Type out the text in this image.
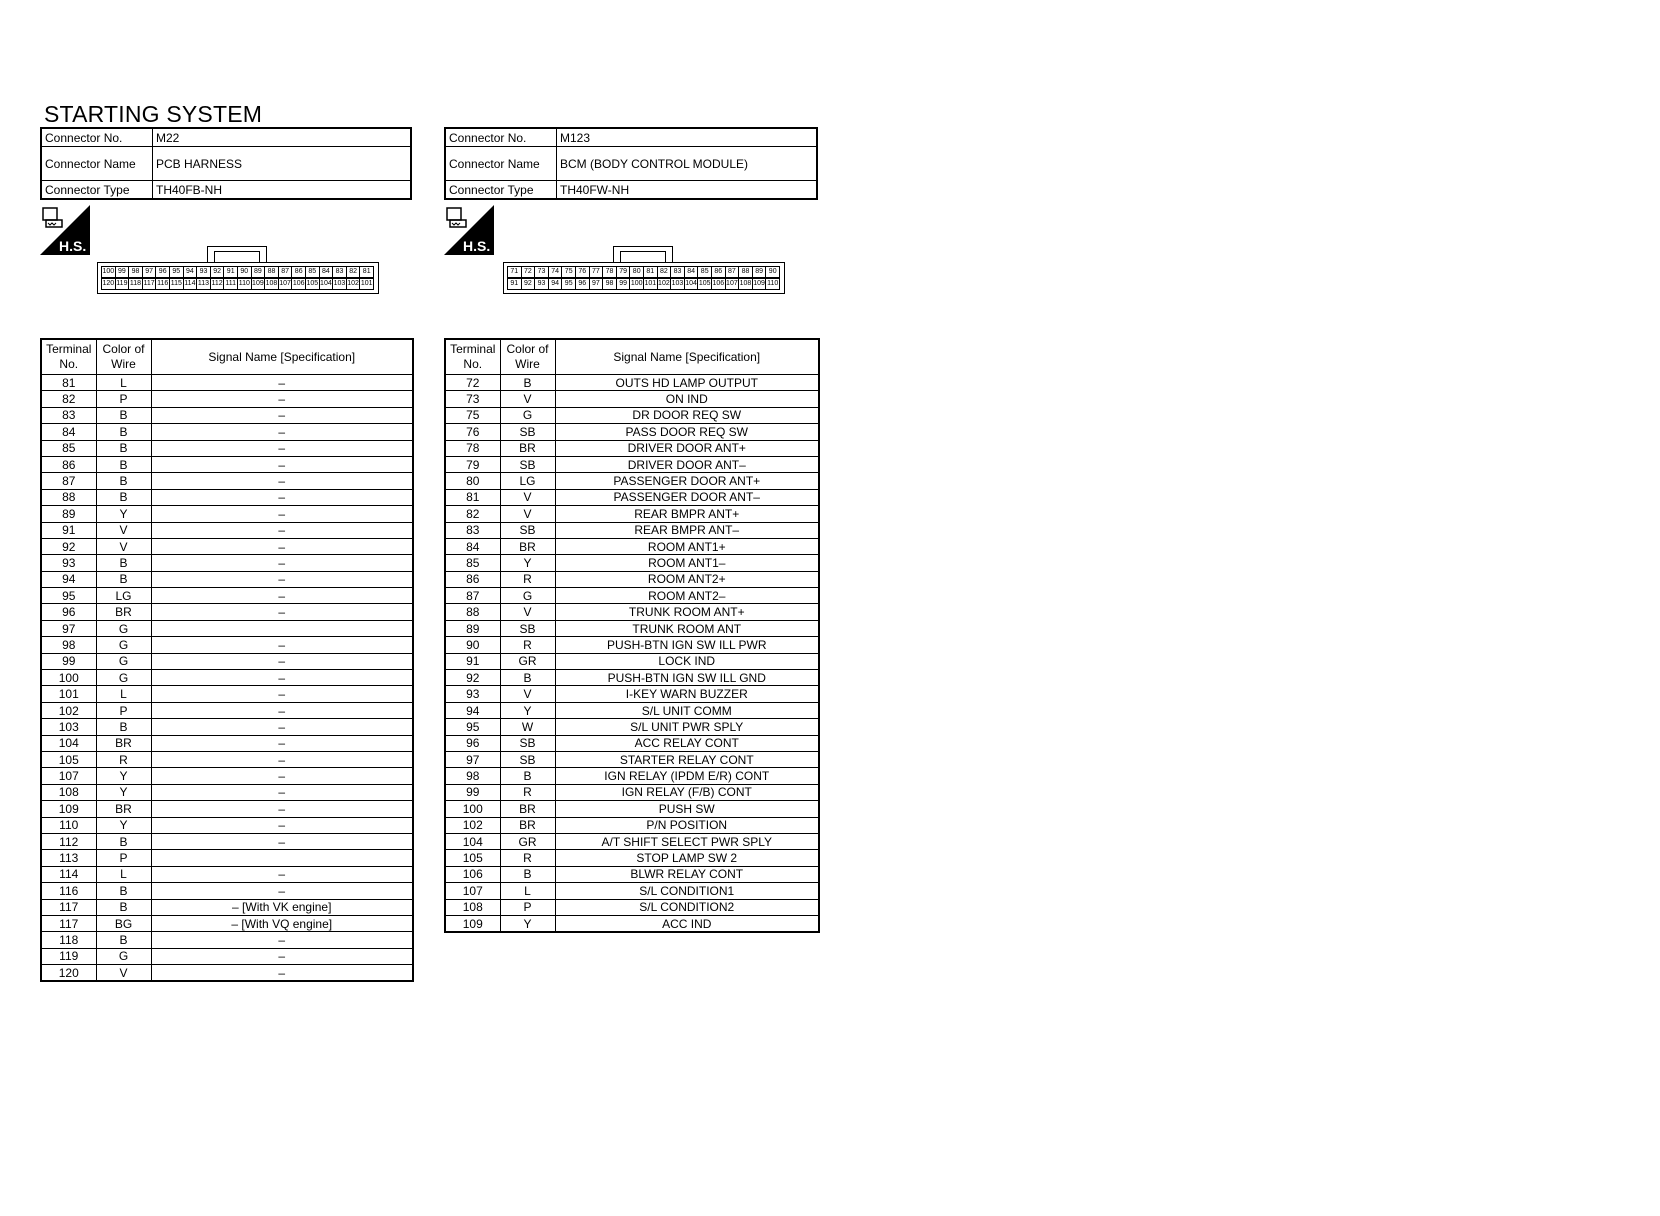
STARTING SYSTEM
Connector No.	M22
Connector Name	PCB HARNESS
Connector Type	TH40FB-NH
Connector No.	M123
Connector Name	BCM (BODY CONTROL MODULE)
Connector Type	TH40FW-NH
H.S.	H.S.
100 99 98 97 96 95 94 93 92 91 90 89 88 87 86 85 84 83 82 81
120 119 118 117 116 115 114 113 112 111 110 109 108 107 106 105 104 103 102 101
71 72 73 74 75 76 77 78 79 80 81 82 83 84 85 86 87 88 89 90
91 92 93 94 95 96 97 98 99 100 101 102 103 104 105 106 107 108 109 110
Terminal No.	Color of Wire	Signal Name [Specification]
81	L	–
82	P	–
83	B	–
84	B	–
85	B	–
86	B	–
87	B	–
88	B	–
89	Y	–
91	V	–
92	V	–
93	B	–
94	B	–
95	LG	–
96	BR	–
97	G	
98	G	–
99	G	–
100	G	–
101	L	–
102	P	–
103	B	–
104	BR	–
105	R	–
107	Y	–
108	Y	–
109	BR	–
110	Y	–
112	B	–
113	P	
114	L	–
116	B	–
117	B	– [With VK engine]
117	BG	– [With VQ engine]
118	B	–
119	G	–
120	V	–
Terminal No.	Color of Wire	Signal Name [Specification]
72	B	OUTS HD LAMP OUTPUT
73	V	ON IND
75	G	DR DOOR REQ SW
76	SB	PASS DOOR REQ SW
78	BR	DRIVER DOOR ANT+
79	SB	DRIVER DOOR ANT–
80	LG	PASSENGER DOOR ANT+
81	V	PASSENGER DOOR ANT–
82	V	REAR BMPR ANT+
83	SB	REAR BMPR ANT–
84	BR	ROOM ANT1+
85	Y	ROOM ANT1–
86	R	ROOM ANT2+
87	G	ROOM ANT2–
88	V	TRUNK ROOM ANT+
89	SB	TRUNK ROOM ANT
90	R	PUSH-BTN IGN SW ILL PWR
91	GR	LOCK IND
92	B	PUSH-BTN IGN SW ILL GND
93	V	I-KEY WARN BUZZER
94	Y	S/L UNIT COMM
95	W	S/L UNIT PWR SPLY
96	SB	ACC RELAY CONT
97	SB	STARTER RELAY CONT
98	B	IGN RELAY (IPDM E/R) CONT
99	R	IGN RELAY (F/B) CONT
100	BR	PUSH SW
102	BR	P/N POSITION
104	GR	A/T SHIFT SELECT PWR SPLY
105	R	STOP LAMP SW 2
106	B	BLWR RELAY CONT
107	L	S/L CONDITION1
108	P	S/L CONDITION2
109	Y	ACC IND
